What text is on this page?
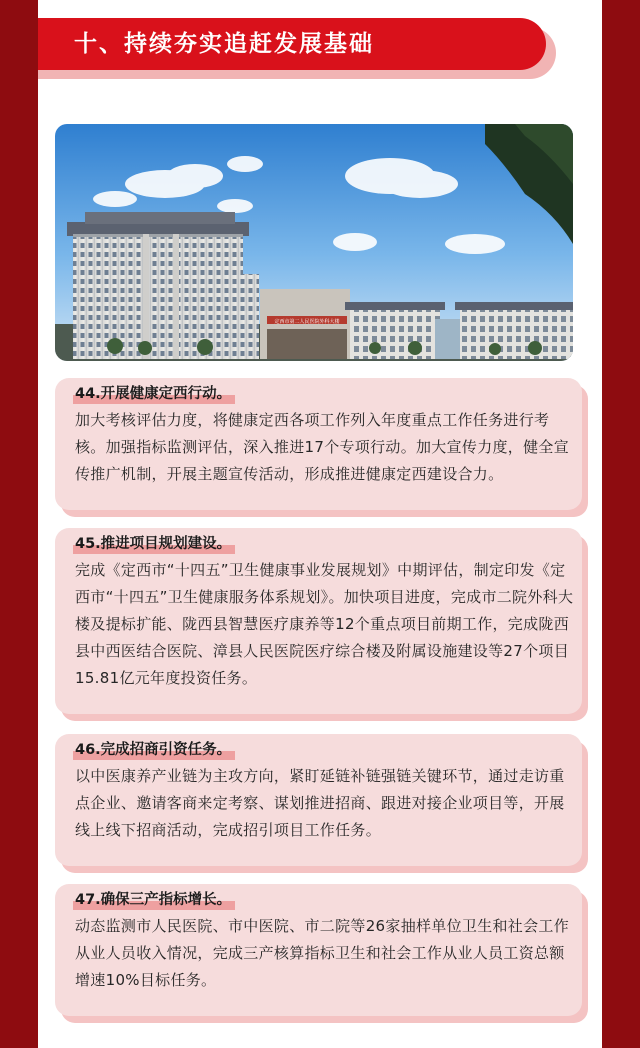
十、持续夯实追赶发展基础
定西市第二人民医院外科大楼
44.开展健康定西行动。
加大考核评估力度，将健康定西各项工作列入年度重点工作任务进行考核。加强指标监测评估，深入推进17个专项行动。加大宣传力度，健全宣传推广机制，开展主题宣传活动，形成推进健康定西建设合力。
45.推进项目规划建设。
完成《定西市“十四五”卫生健康事业发展规划》中期评估，制定印发《定西市“十四五”卫生健康服务体系规划》。加快项目进度，完成市二院外科大楼及提标扩能、陇西县智慧医疗康养等12个重点项目前期工作，完成陇西县中西医结合医院、漳县人民医院医疗综合楼及附属设施建设等27个项目15.81亿元年度投资任务。
46.完成招商引资任务。
以中医康养产业链为主攻方向，紧盯延链补链强链关键环节，通过走访重点企业、邀请客商来定考察、谋划推进招商、跟进对接企业项目等，开展线上线下招商活动，完成招引项目工作任务。
47.确保三产指标增长。
动态监测市人民医院、市中医院、市二院等26家抽样单位卫生和社会工作从业人员收入情况，完成三产核算指标卫生和社会工作从业人员工资总额增速10%目标任务。
